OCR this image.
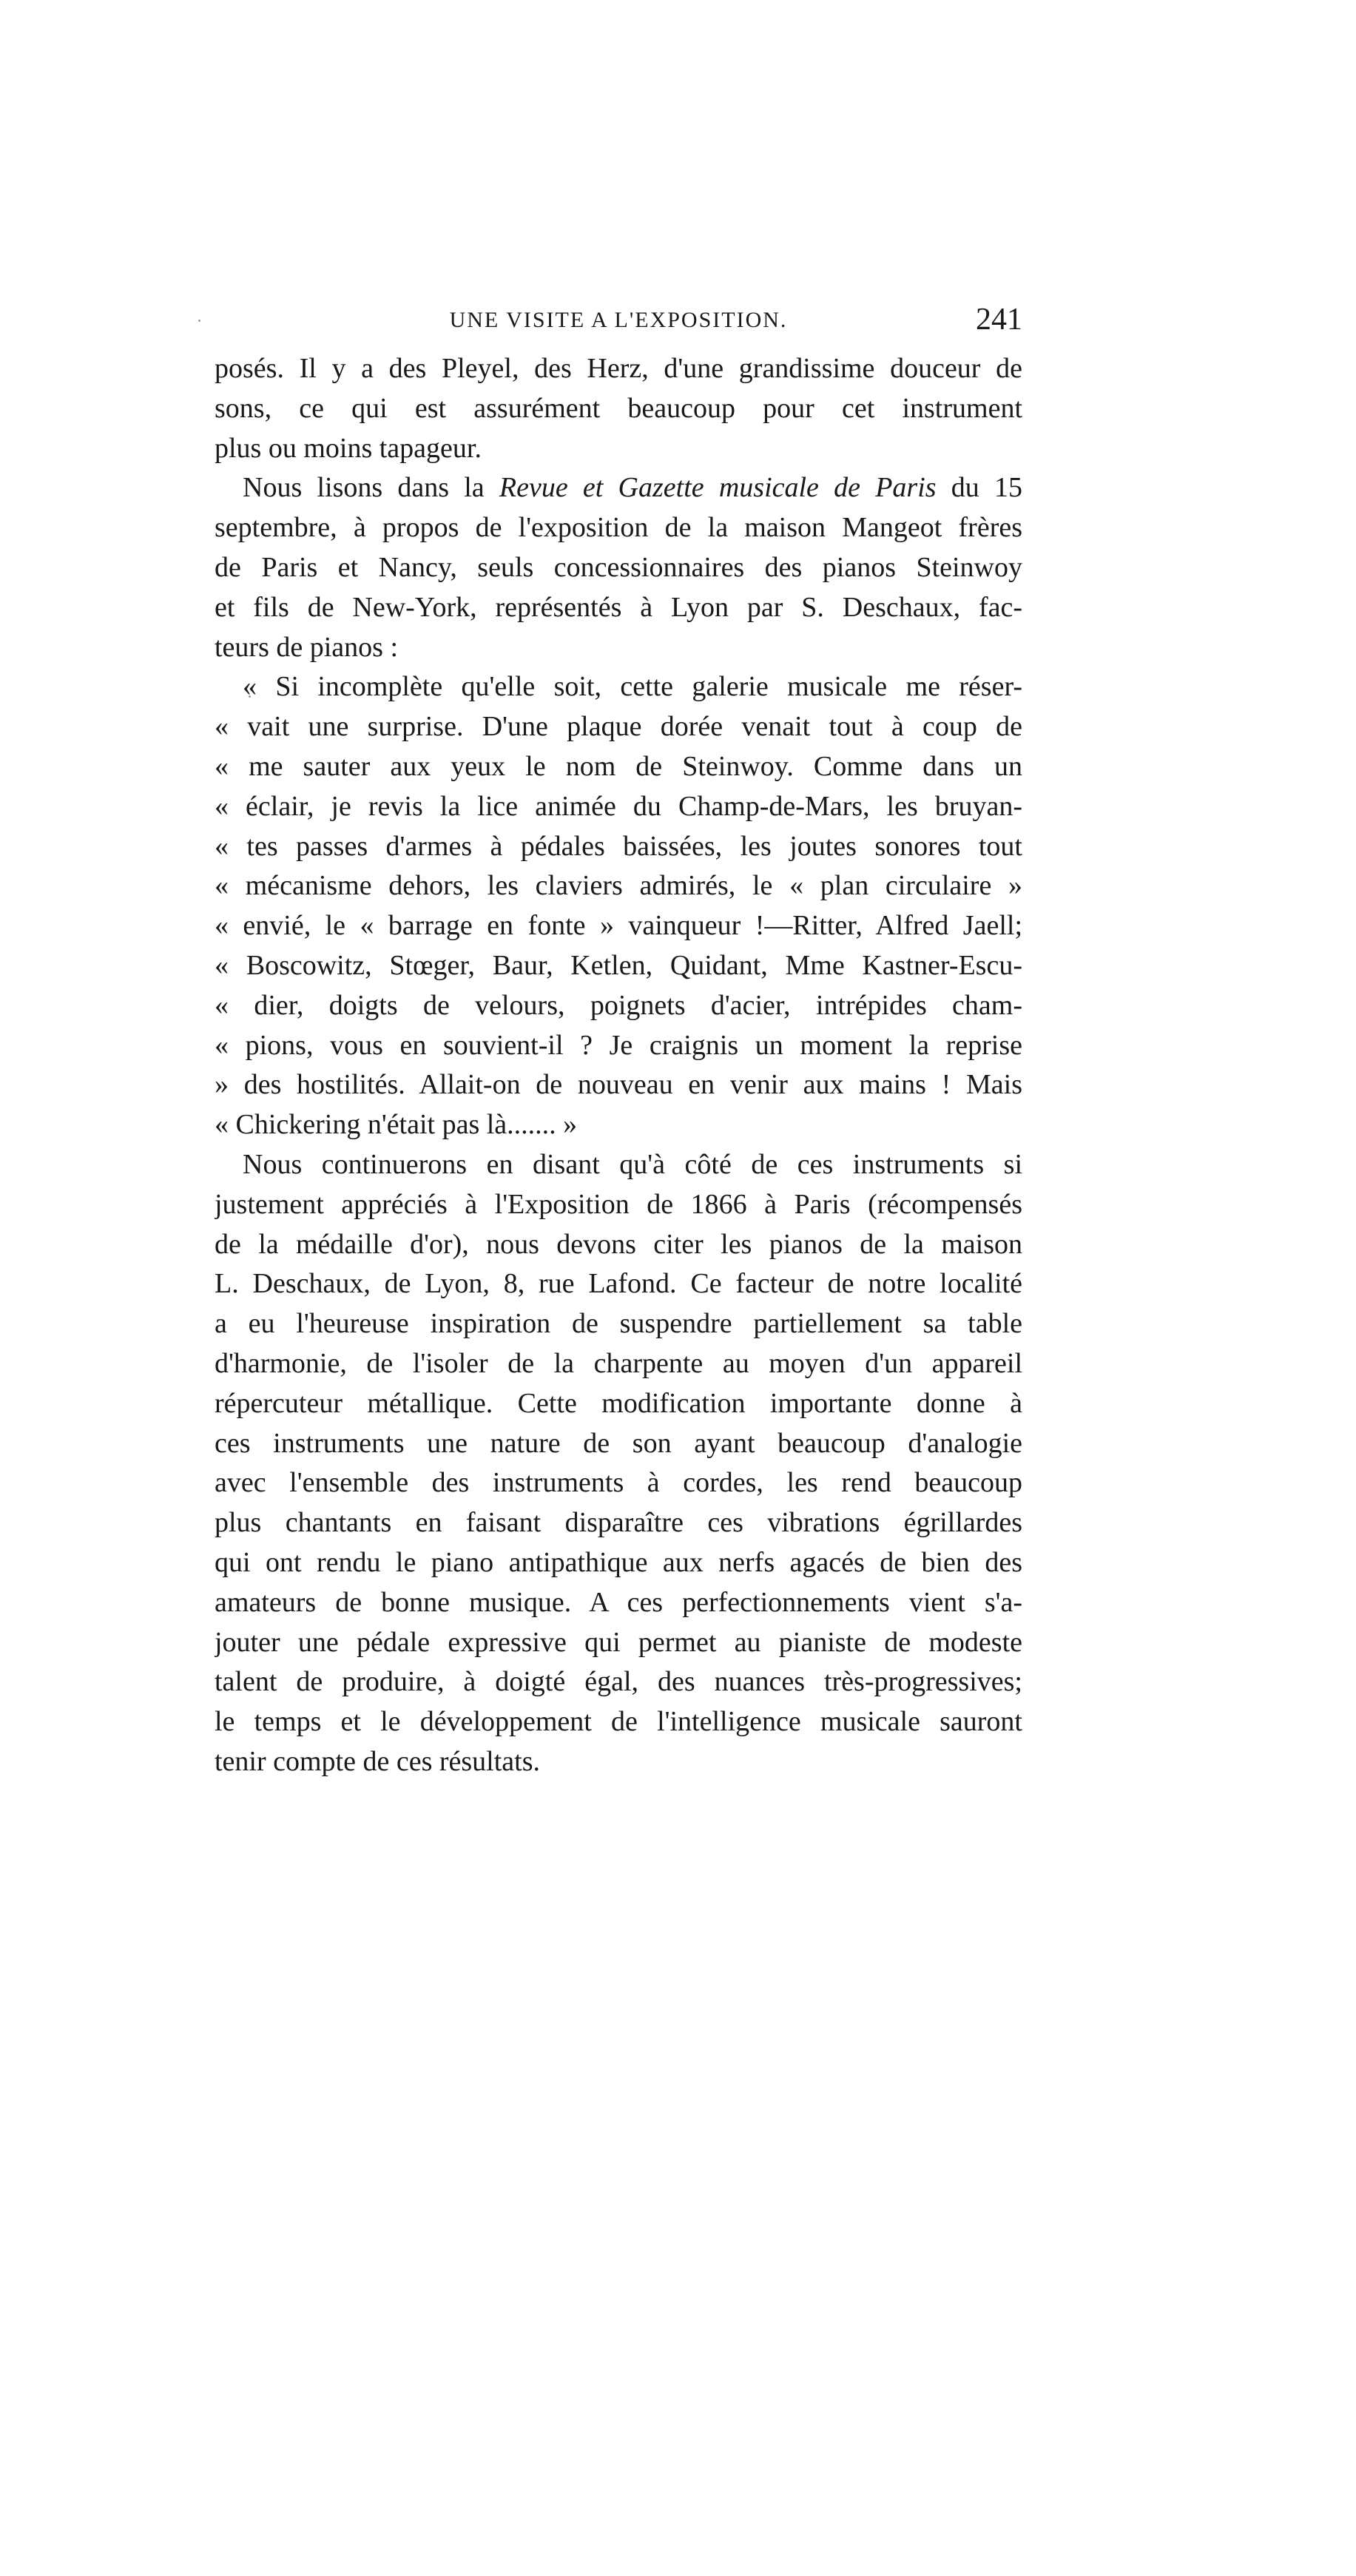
UNE VISITE A L'EXPOSITION.	241
posés. Il y a des Pleyel, des Herz, d'une grandissime douceur de
sons, ce qui est assurément beaucoup pour cet instrument
plus ou moins tapageur.
Nous lisons dans la Revue et Gazette musicale de Paris du 15
septembre, à propos de l'exposition de la maison Mangeot frères
de Paris et Nancy, seuls concessionnaires des pianos Steinwoy
et fils de New-York, représentés à Lyon par S. Deschaux, fac-
teurs de pianos :
« Si incomplète qu'elle soit, cette galerie musicale me réser-
« vait une surprise. D'une plaque dorée venait tout à coup de
« me sauter aux yeux le nom de Steinwoy. Comme dans un
« éclair, je revis la lice animée du Champ-de-Mars, les bruyan-
« tes passes d'armes à pédales baissées, les joutes sonores tout
« mécanisme dehors, les claviers admirés, le « plan circulaire »
« envié, le « barrage en fonte » vainqueur !—Ritter, Alfred Jaell;
« Boscowitz, Stœger, Baur, Ketlen, Quidant, Mme Kastner-Escu-
« dier, doigts de velours, poignets d'acier, intrépides cham-
« pions, vous en souvient-il ? Je craignis un moment la reprise
» des hostilités. Allait-on de nouveau en venir aux mains ! Mais
« Chickering n'était pas là....... »
Nous continuerons en disant qu'à côté de ces instruments si
justement appréciés à l'Exposition de 1866 à Paris (récompensés
de la médaille d'or), nous devons citer les pianos de la maison
L. Deschaux, de Lyon, 8, rue Lafond. Ce facteur de notre localité
a eu l'heureuse inspiration de suspendre partiellement sa table
d'harmonie, de l'isoler de la charpente au moyen d'un appareil
répercuteur métallique. Cette modification importante donne à
ces instruments une nature de son ayant beaucoup d'analogie
avec l'ensemble des instruments à cordes, les rend beaucoup
plus chantants en faisant disparaître ces vibrations égrillardes
qui ont rendu le piano antipathique aux nerfs agacés de bien des
amateurs de bonne musique. A ces perfectionnements vient s'a-
jouter une pédale expressive qui permet au pianiste de modeste
talent de produire, à doigté égal, des nuances très-progressives;
le temps et le développement de l'intelligence musicale sauront
tenir compte de ces résultats.
